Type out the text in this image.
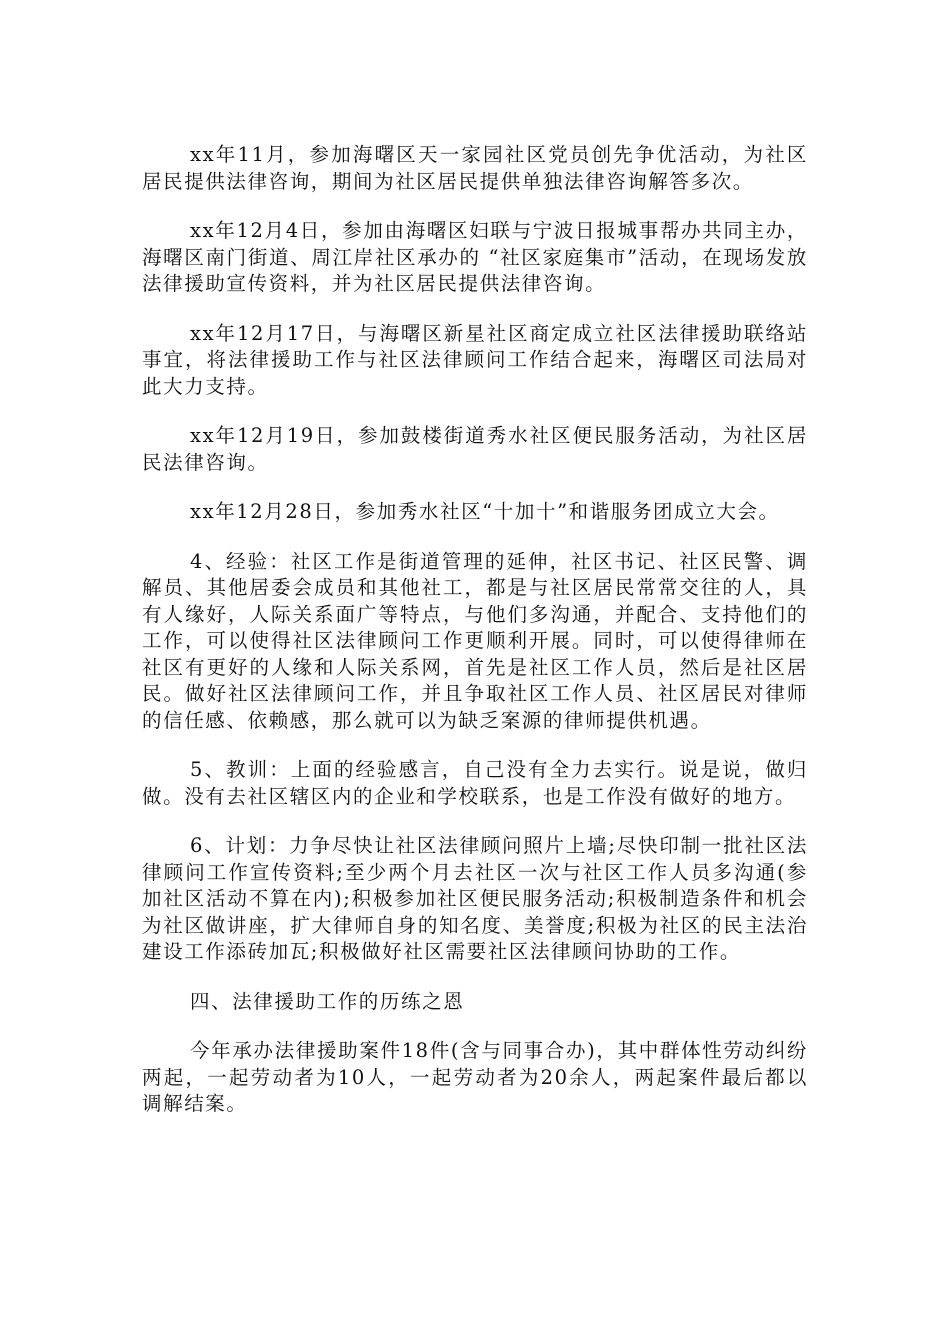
xx年11月，参加海曙区天一家园社区党员创先争优活动，为社区居民提供法律咨询，期间为社区居民提供单独法律咨询解答多次。

xx年12月4日，参加由海曙区妇联与宁波日报城事帮办共同主办，海曙区南门街道、周江岸社区承办的 “社区家庭集市”活动，在现场发放法律援助宣传资料，并为社区居民提供法律咨询。

xx年12月17日，与海曙区新星社区商定成立社区法律援助联络站事宜，将法律援助工作与社区法律顾问工作结合起来，海曙区司法局对此大力支持。

xx年12月19日，参加鼓楼街道秀水社区便民服务活动，为社区居民法律咨询。

xx年12月28日，参加秀水社区“十加十”和谐服务团成立大会。

4、经验：社区工作是街道管理的延伸，社区书记、社区民警、调解员、其他居委会成员和其他社工，都是与社区居民常常交往的人，具有人缘好，人际关系面广等特点，与他们多沟通，并配合、支持他们的工作，可以使得社区法律顾问工作更顺利开展。同时，可以使得律师在社区有更好的人缘和人际关系网，首先是社区工作人员，然后是社区居民。做好社区法律顾问工作，并且争取社区工作人员、社区居民对律师的信任感、依赖感，那么就可以为缺乏案源的律师提供机遇。

5、教训：上面的经验感言，自己没有全力去实行。说是说，做归做。没有去社区辖区内的企业和学校联系，也是工作没有做好的地方。

6、计划：力争尽快让社区法律顾问照片上墙;尽快印制一批社区法律顾问工作宣传资料;至少两个月去社区一次与社区工作人员多沟通(参加社区活动不算在内);积极参加社区便民服务活动;积极制造条件和机会为社区做讲座，扩大律师自身的知名度、美誉度;积极为社区的民主法治建设工作添砖加瓦;积极做好社区需要社区法律顾问协助的工作。

四、法律援助工作的历练之恩

今年承办法律援助案件18件(含与同事合办)，其中群体性劳动纠纷两起，一起劳动者为10人，一起劳动者为20余人，两起案件最后都以调解结案。
